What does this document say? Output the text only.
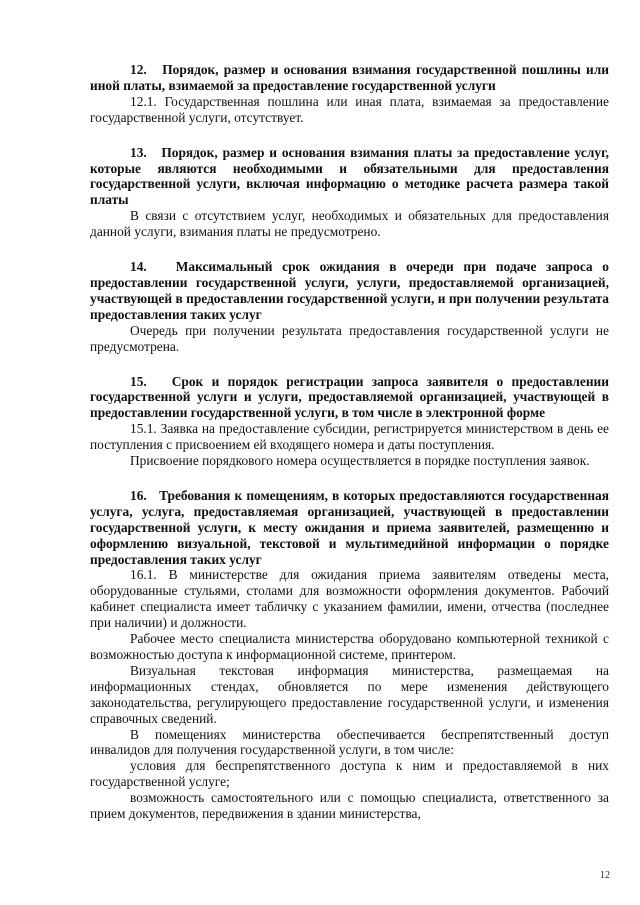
12.   Порядок, размер и основания взимания государственной пошлины или иной платы, взимаемой за предоставление государственной услуги

12.1. Государственная пошлина или иная плата, взимаемая за предоставление государственной услуги, отсутствует.

13.   Порядок, размер и основания взимания платы за предоставление услуг, которые являются необходимыми и обязательными для предоставления государственной услуги, включая информацию о методике расчета размера такой платы

В связи с отсутствием услуг, необходимых и обязательных для предоставления данной услуги, взимания платы не предусмотрено.

14.   Максимальный срок ожидания в очереди при подаче запроса о предоставлении государственной услуги, услуги, предоставляемой организацией, участвующей в предоставлении государственной услуги, и при получении результата предоставления таких услуг

Очередь при получении результата предоставления государственной услуги не предусмотрена.

15.   Срок и порядок регистрации запроса заявителя о предоставлении государственной услуги и услуги, предоставляемой организацией, участвующей в предоставлении государственной услуги, в том числе в электронной форме

15.1. Заявка на предоставление субсидии, регистрируется министерством в день ее поступления с присвоением ей входящего номера и даты поступления.

Присвоение порядкового номера осуществляется в порядке поступления заявок.

16.   Требования к помещениям, в которых предоставляются государственная услуга, услуга, предоставляемая организацией, участвующей в предоставлении государственной услуги, к месту ожидания и приема заявителей, размещению и оформлению визуальной, текстовой и мультимедийной информации о порядке предоставления таких услуг

16.1. В министерстве для ожидания приема заявителям отведены места, оборудованные стульями, столами для возможности оформления документов. Рабочий кабинет специалиста имеет табличку с указанием фамилии, имени, отчества (последнее при наличии) и должности.

Рабочее место специалиста министерства оборудовано компьютерной техникой с возможностью доступа к информационной системе, принтером.

Визуальная текстовая информация министерства, размещаемая на информационных стендах, обновляется по мере изменения действующего законодательства, регулирующего предоставление государственной услуги, и изменения справочных сведений.

В помещениях министерства обеспечивается беспрепятственный доступ инвалидов для получения государственной услуги, в том числе:

условия для беспрепятственного доступа к ним и предоставляемой в них государственной услуге;

возможность самостоятельного или с помощью специалиста, ответственного за прием документов, передвижения в здании министерства,

12
